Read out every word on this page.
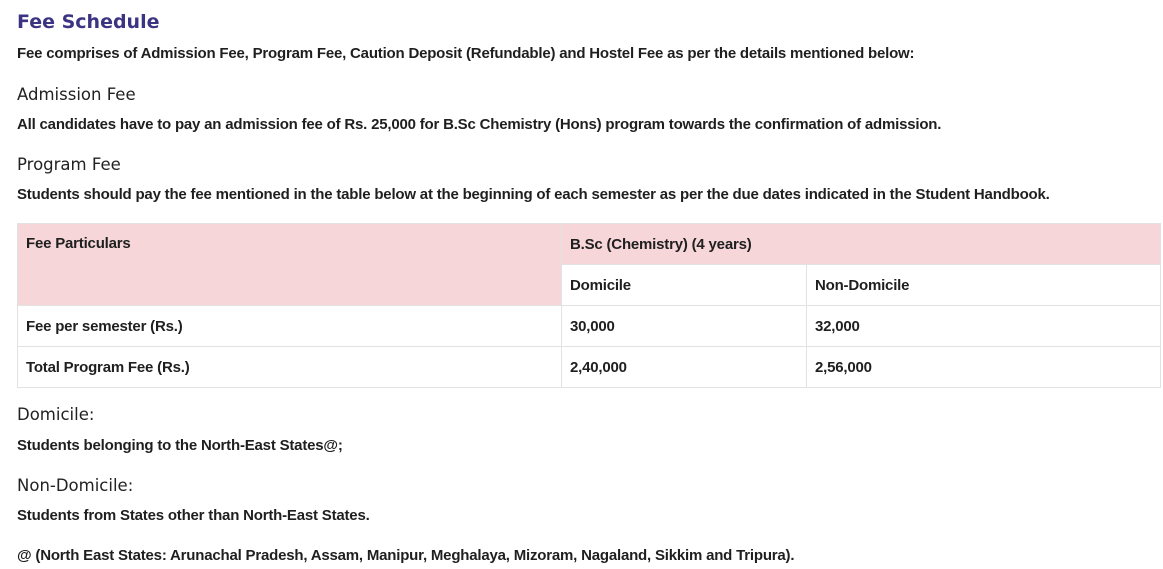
Fee Schedule
Fee comprises of Admission Fee, Program Fee, Caution Deposit (Refundable) and Hostel Fee as per the details mentioned below:
Admission Fee
All candidates have to pay an admission fee of Rs. 25,000 for B.Sc Chemistry (Hons) program towards the confirmation of admission.
Program Fee
Students should pay the fee mentioned in the table below at the beginning of each semester as per the due dates indicated in the Student Handbook.
Fee Particulars	B.Sc (Chemistry) (4 years)	
	Domicile	Non-Domicile
Fee per semester (Rs.)	30,000	32,000
Total Program Fee (Rs.)	2,40,000	2,56,000
Domicile:
Students belonging to the North-East States@;
Non-Domicile:
Students from States other than North-East States.
@ (North East States: Arunachal Pradesh, Assam, Manipur, Meghalaya, Mizoram, Nagaland, Sikkim and Tripura).
